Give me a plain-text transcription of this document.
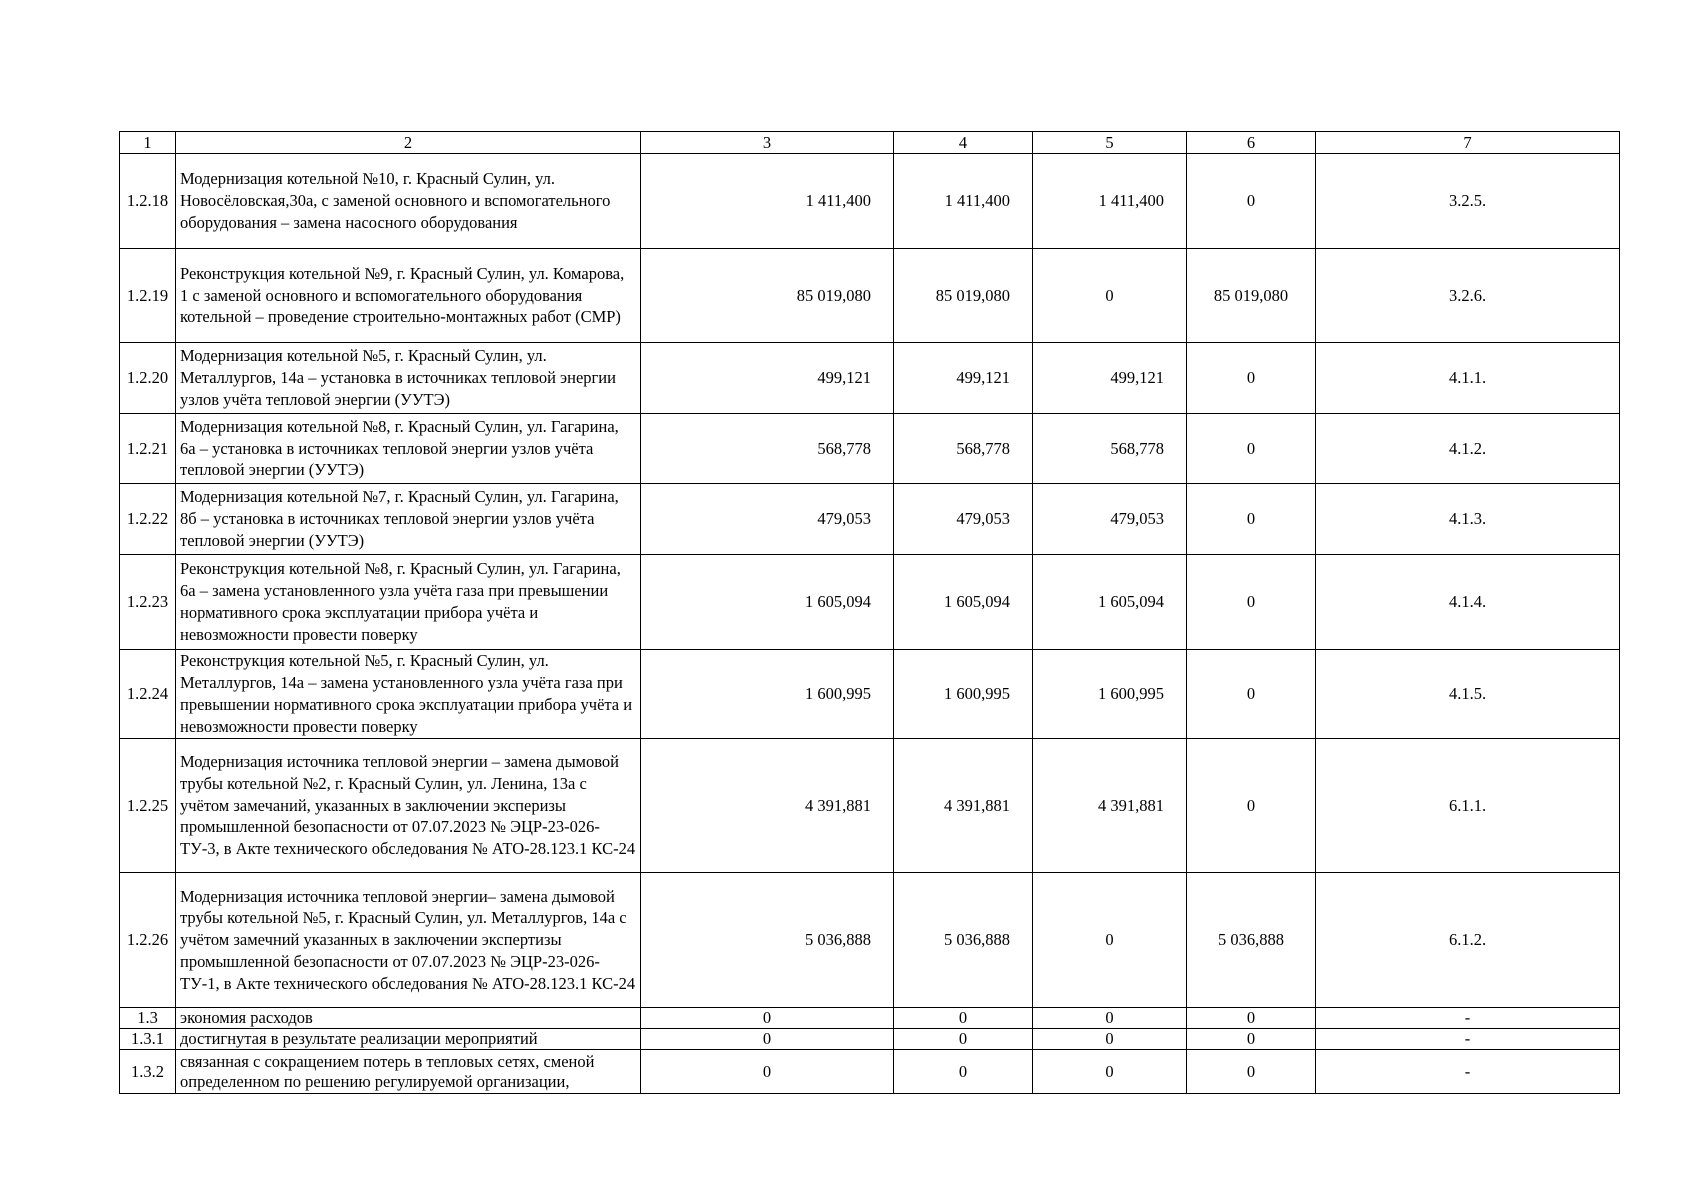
1	2	3	4	5	6	7
1.2.18	Модернизация котельной №10, г. Красный Сулин, ул. Новосёловская,30а, с заменой основного и вспомогательного оборудования – замена насосного оборудования	1 411,400	1 411,400	1 411,400	0	3.2.5.
1.2.19	Реконструкция котельной №9, г. Красный Сулин, ул. Комарова, 1 с заменой основного и вспомогательного оборудования котельной – проведение строительно-монтажных работ (СМР)	85 019,080	85 019,080	0	85 019,080	3.2.6.
1.2.20	Модернизация котельной №5, г. Красный Сулин, ул. Металлургов, 14а – установка в источниках тепловой энергии узлов учёта тепловой энергии (УУТЭ)	499,121	499,121	499,121	0	4.1.1.
1.2.21	Модернизация котельной №8, г. Красный Сулин, ул. Гагарина, 6а – установка в источниках тепловой энергии узлов учёта тепловой энергии (УУТЭ)	568,778	568,778	568,778	0	4.1.2.
1.2.22	Модернизация котельной №7, г. Красный Сулин, ул. Гагарина, 8б – установка в источниках тепловой энергии узлов учёта тепловой энергии (УУТЭ)	479,053	479,053	479,053	0	4.1.3.
1.2.23	Реконструкция котельной №8, г. Красный Сулин, ул. Гагарина, 6а – замена установленного узла учёта газа при превышении нормативного срока эксплуатации прибора учёта и невозможности провести поверку	1 605,094	1 605,094	1 605,094	0	4.1.4.
1.2.24	Реконструкция котельной №5, г. Красный Сулин, ул. Металлургов, 14а – замена установленного узла учёта газа при превышении нормативного срока эксплуатации прибора учёта и невозможности провести поверку	1 600,995	1 600,995	1 600,995	0	4.1.5.
1.2.25	Модернизация источника тепловой энергии – замена дымовой трубы котельной №2, г. Красный Сулин, ул. Ленина, 13а с учётом замечаний, указанных в заключении эксперизы промышленной безопасности от 07.07.2023 № ЭЦР-23-026-ТУ-3, в Акте технического обследования № АТО-28.123.1 КС-24	4 391,881	4 391,881	4 391,881	0	6.1.1.
1.2.26	Модернизация источника тепловой энергии– замена дымовой трубы котельной №5, г. Красный Сулин, ул. Металлургов, 14а с учётом замечний указанных в заключении экспертизы промышленной безопасности от 07.07.2023 № ЭЦР-23-026-ТУ-1, в Акте технического обследования № АТО-28.123.1 КС-24	5 036,888	5 036,888	0	5 036,888	6.1.2.
1.3	экономия расходов	0	0	0	0	-
1.3.1	достигнутая в результате реализации мероприятий	0	0	0	0	-
1.3.2	связанная с сокращением потерь в тепловых сетях, сменой определенном по решению регулируемой организации,	0	0	0	0	-
